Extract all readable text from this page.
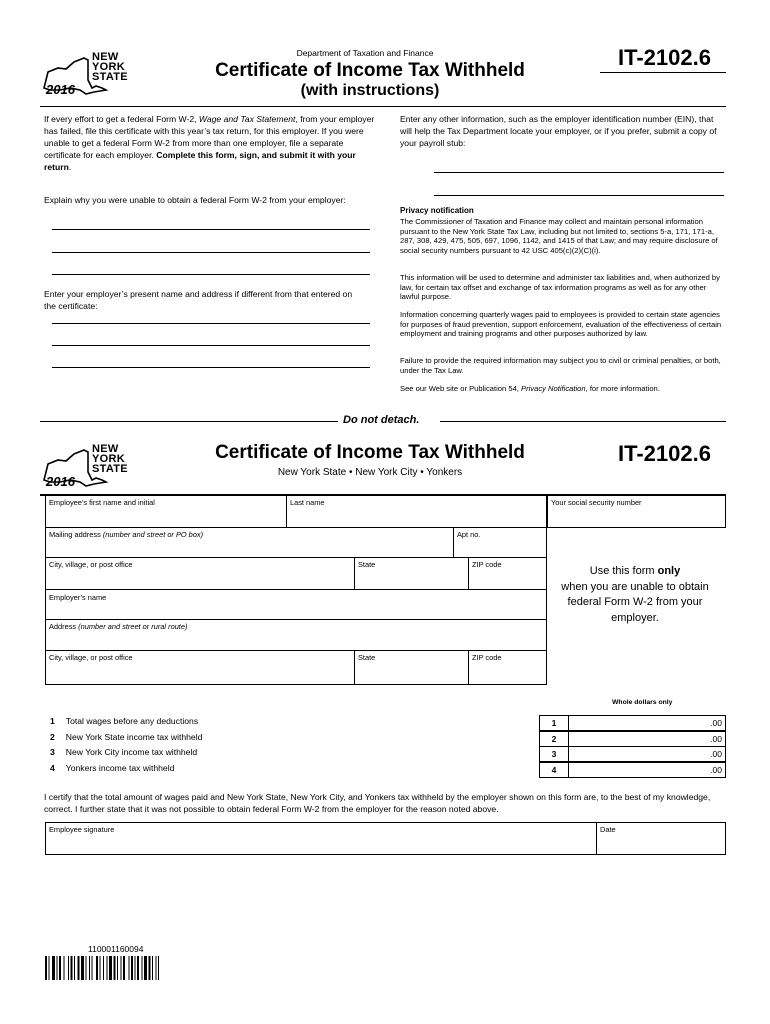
NEW
YORK
STATE
2016
Department of Taxation and Finance
Certificate of Income Tax Withheld
(with instructions)
IT-2102.6
If every effort to get a federal Form W-2, Wage and Tax Statement, from your employer has failed, file this certificate with this year’s tax return, for this employer. If you were unable to get a federal Form W-2 from more than one employer, file a separate certificate for each employer. Complete this form, sign, and submit it with your return.
Explain why you were unable to obtain a federal Form W-2 from your employer:
Enter your employer’s present name and address if different from that entered on the certificate:
Enter any other information, such as the employer identification number (EIN), that will help the Tax Department locate your employer, or if you prefer, submit a copy of your payroll stub:
Privacy notification
The Commissioner of Taxation and Finance may collect and maintain personal information pursuant to the New York State Tax Law, including but not limited to, sections 5-a, 171, 171-a, 287, 308, 429, 475, 505, 697, 1096, 1142, and 1415 of that Law; and may require disclosure of social security numbers pursuant to 42 USC 405(c)(2)(C)(i).
This information will be used to determine and administer tax liabilities and, when authorized by law, for certain tax offset and exchange of tax information programs as well as for any other lawful purpose.
Information concerning quarterly wages paid to employees is provided to certain state agencies for purposes of fraud prevention, support enforcement, evaluation of the effectiveness of certain employment and training programs and other purposes authorized by law.
Failure to provide the required information may subject you to civil or criminal penalties, or both, under the Tax Law.
See our Web site or Publication 54, Privacy Notification, for more information.
Do not detach.
NEW
YORK
STATE
2016
Certificate of Income Tax Withheld
New York State • New York City • Yonkers
IT-2102.6
Employee’s first name and initial	Last name	Your social security number
Mailing address (number and street or PO box)	Apt no.
City, village, or post office	State	ZIP code
Employer’s name
Address (number and street or rural route)
City, village, or post office	State	ZIP code
Use this form only
when you are unable to obtain federal Form W-2 from your employer.
Whole dollars only
1 Total wages before any deductions	1	.00
2 New York State income tax withheld	2	.00
3 New York City income tax withheld	3	.00
4 Yonkers income tax withheld	4	.00
I certify that the total amount of wages paid and New York State, New York City, and Yonkers tax withheld by the employer shown on this form are, to the best of my knowledge, correct. I further state that it was not possible to obtain federal Form W-2 from the employer for the reason noted above.
Employee signature	Date
110001160094
